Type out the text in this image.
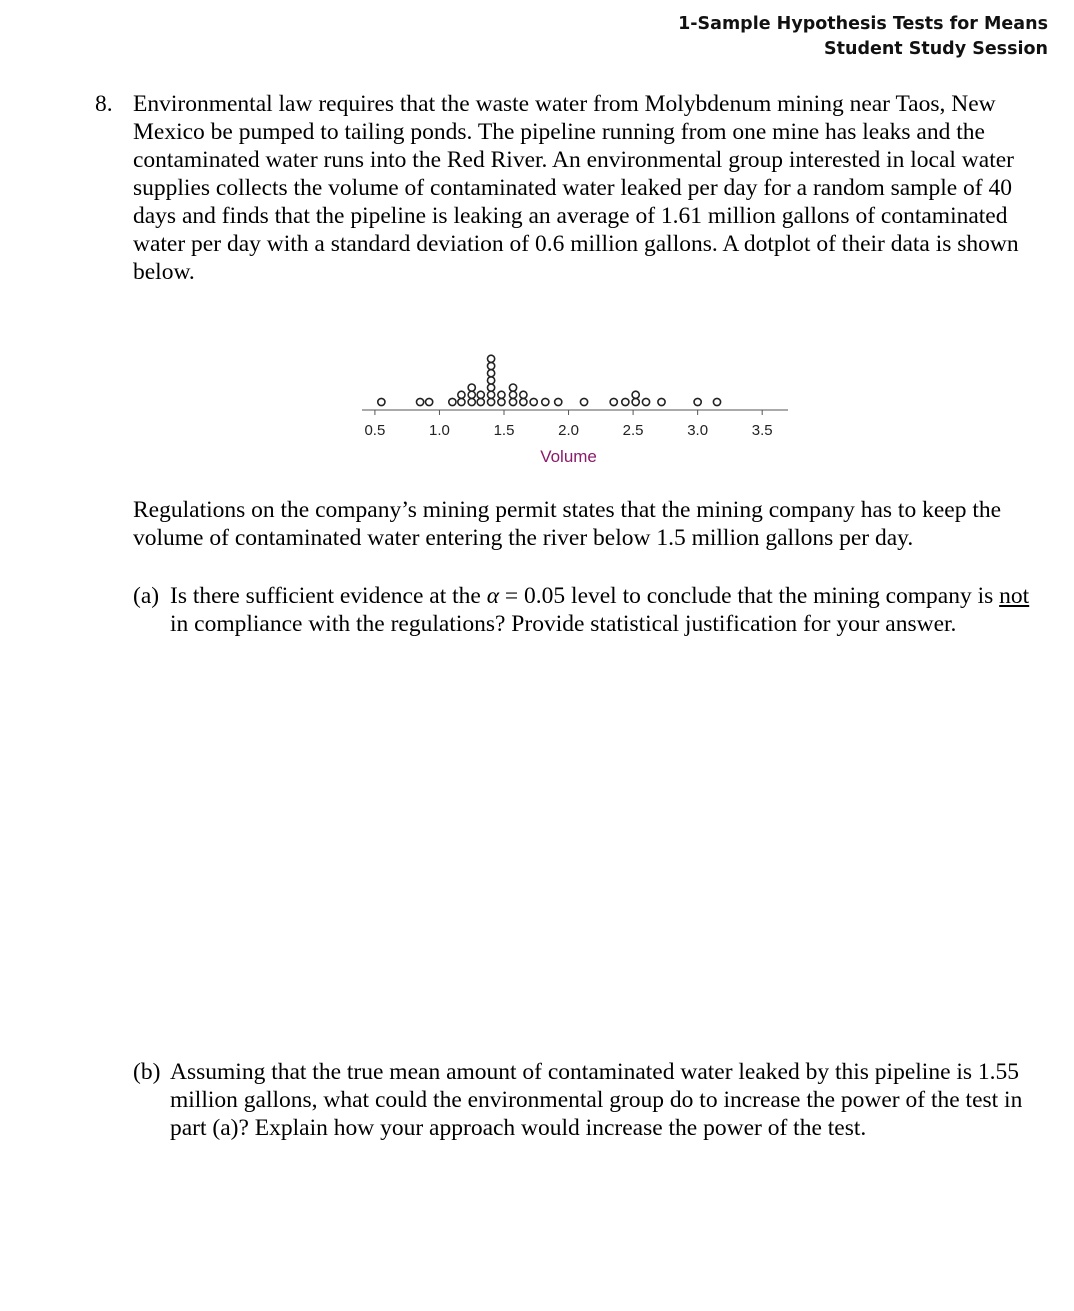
1-Sample Hypothesis Tests for Means
Student Study Session
8. Environmental law requires that the waste water from Molybdenum mining near Taos, New Mexico be pumped to tailing ponds. The pipeline running from one mine has leaks and the contaminated water runs into the Red River. An environmental group interested in local water supplies collects the volume of contaminated water leaked per day for a random sample of 40 days and finds that the pipeline is leaking an average of 1.61 million gallons of contaminated water per day with a standard deviation of 0.6 million gallons. A dotplot of their data is shown below.
0.5	1.0	1.5	2.0	2.5	3.0	3.5
Volume
Regulations on the company’s mining permit states that the mining company has to keep the volume of contaminated water entering the river below 1.5 million gallons per day.
(a) Is there sufficient evidence at the α = 0.05 level to conclude that the mining company is not in compliance with the regulations? Provide statistical justification for your answer.
(b) Assuming that the true mean amount of contaminated water leaked by this pipeline is 1.55 million gallons, what could the environmental group do to increase the power of the test in part (a)? Explain how your approach would increase the power of the test.
